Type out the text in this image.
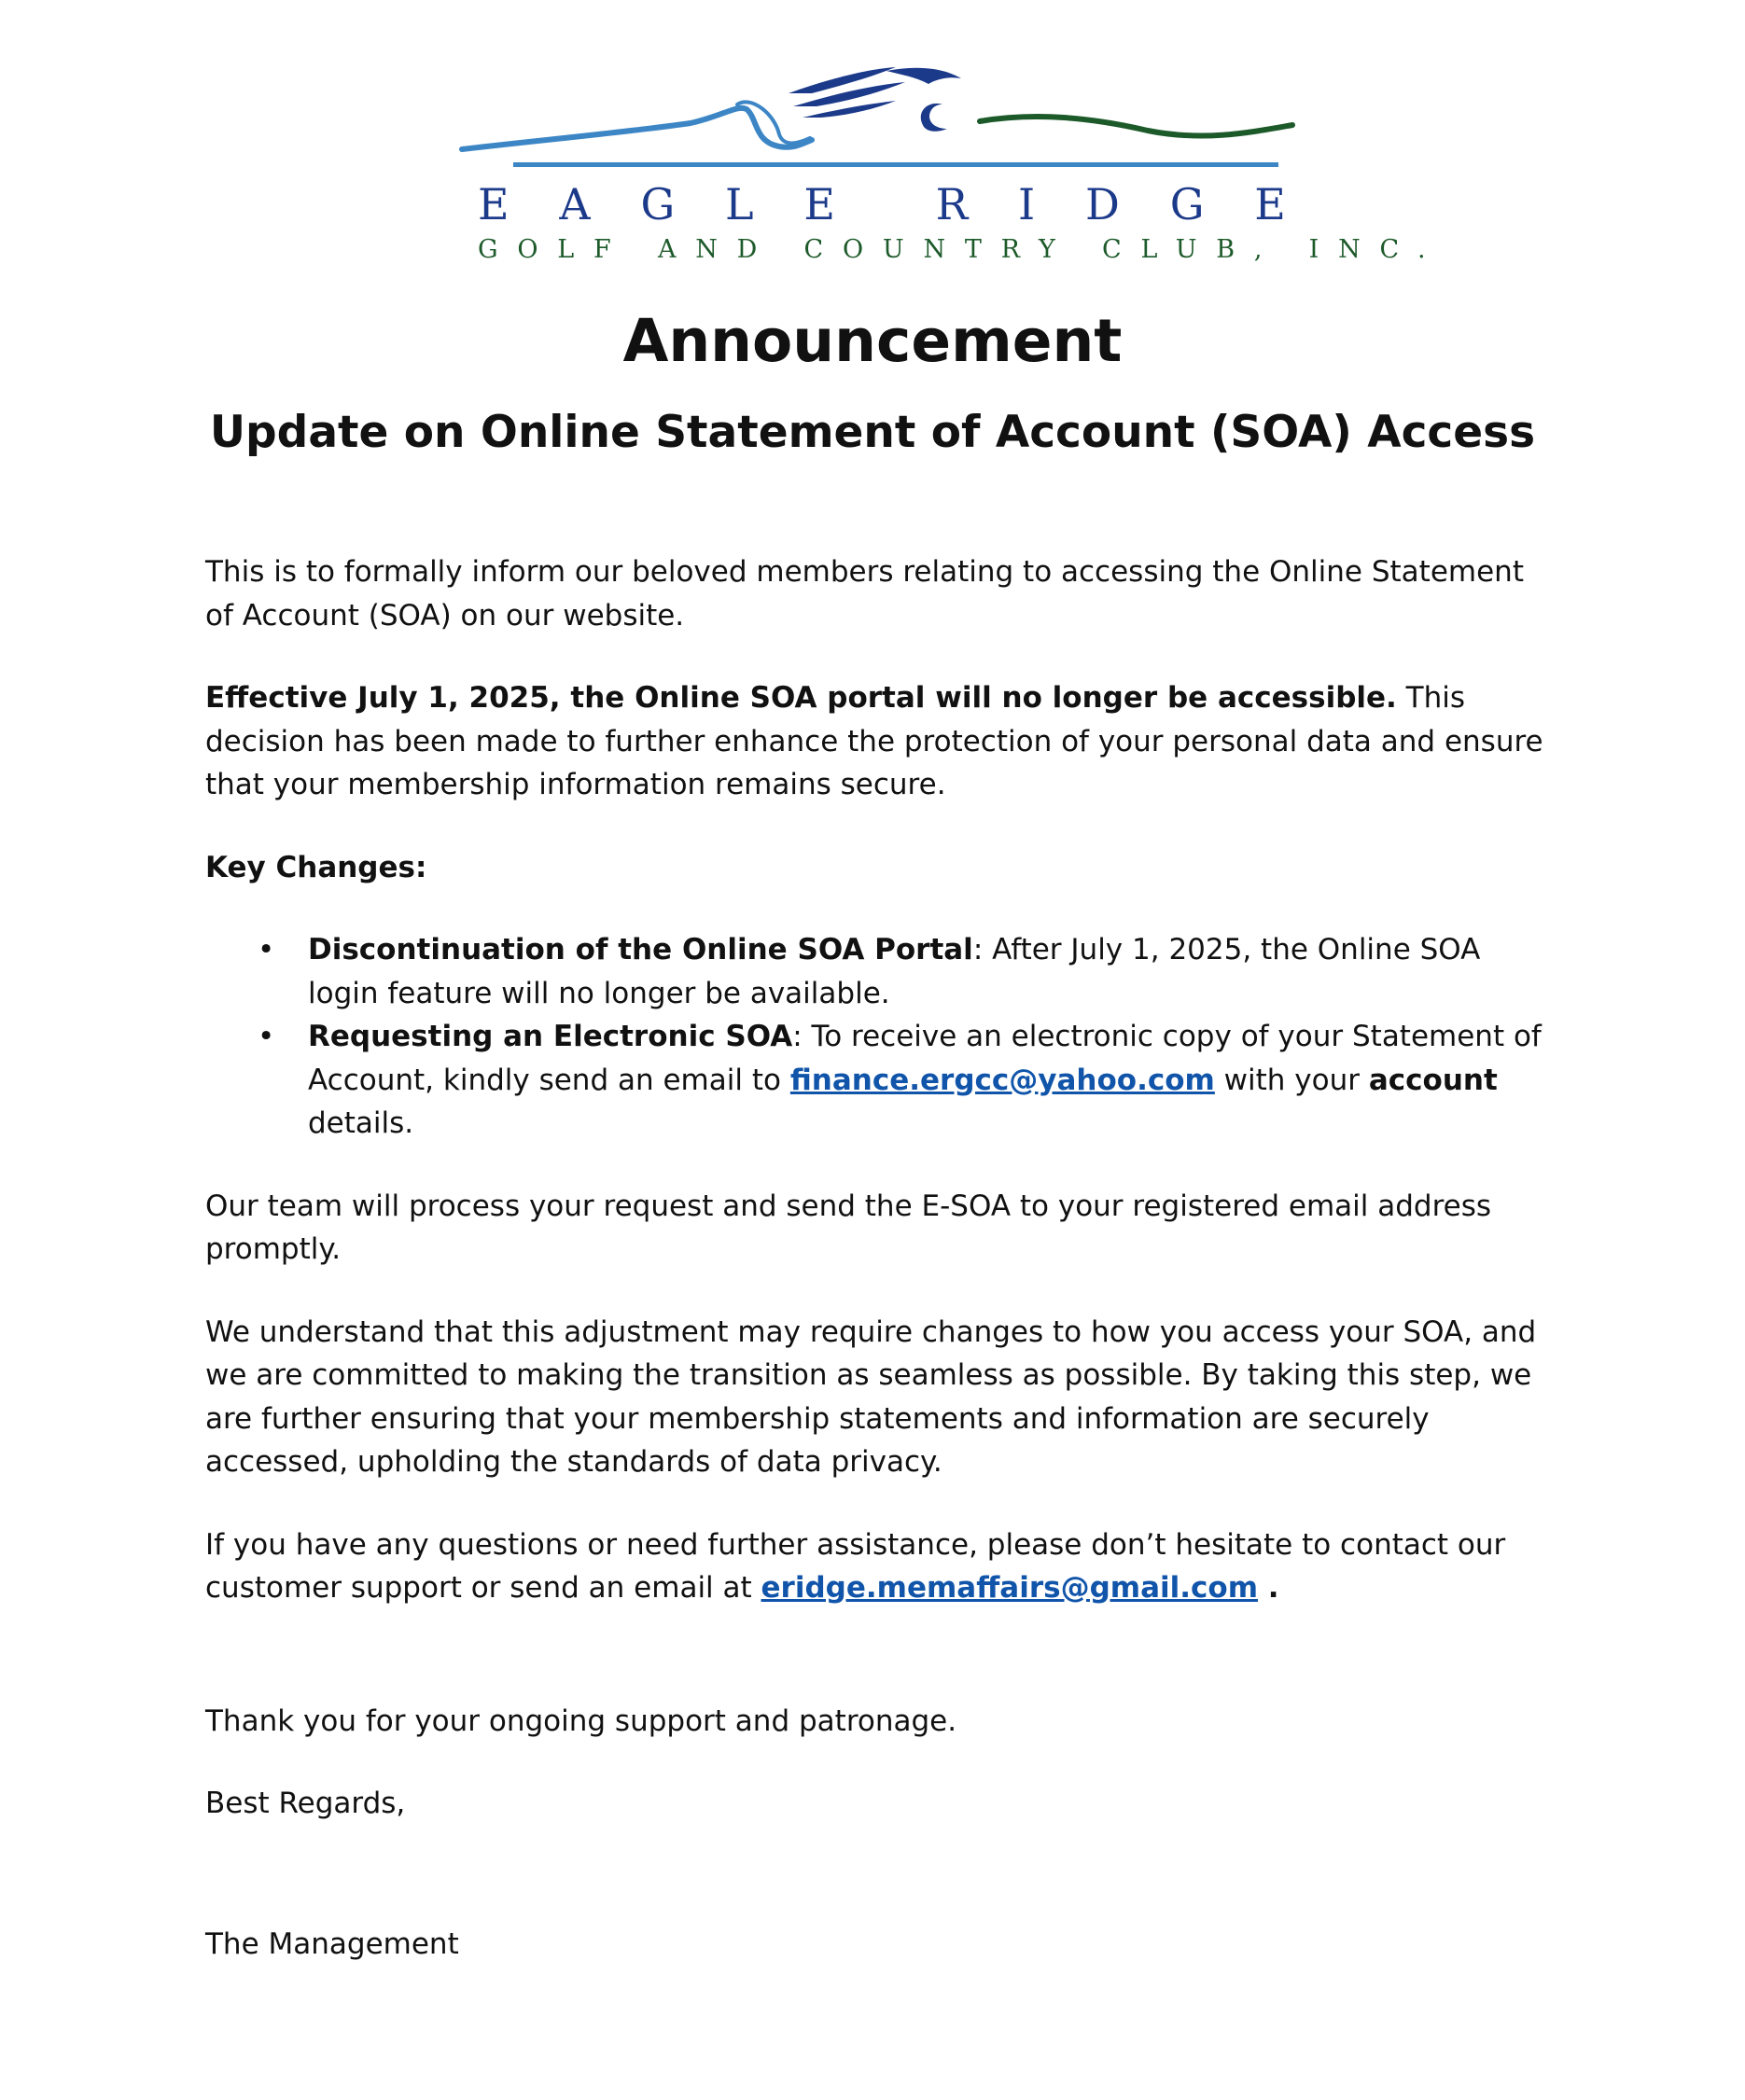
E A G L E R I D G E
GOLF AND COUNTRY CLUB, INC.
Announcement
Update on Online Statement of Account (SOA) Access

This is to formally inform our beloved members relating to accessing the Online Statement of Account (SOA) on our website.

Effective July 1, 2025, the Online SOA portal will no longer be accessible. This decision has been made to further enhance the protection of your personal data and ensure that your membership information remains secure.

Key Changes:

• Discontinuation of the Online SOA Portal: After July 1, 2025, the Online SOA login feature will no longer be available.
• Requesting an Electronic SOA: To receive an electronic copy of your Statement of Account, kindly send an email to finance.ergcc@yahoo.com with your account details.

Our team will process your request and send the E-SOA to your registered email address promptly.

We understand that this adjustment may require changes to how you access your SOA, and we are committed to making the transition as seamless as possible. By taking this step, we are further ensuring that your membership statements and information are securely accessed, upholding the standards of data privacy.

If you have any questions or need further assistance, please don’t hesitate to contact our customer support or send an email at eridge.memaffairs@gmail.com .

Thank you for your ongoing support and patronage.

Best Regards,

The Management
